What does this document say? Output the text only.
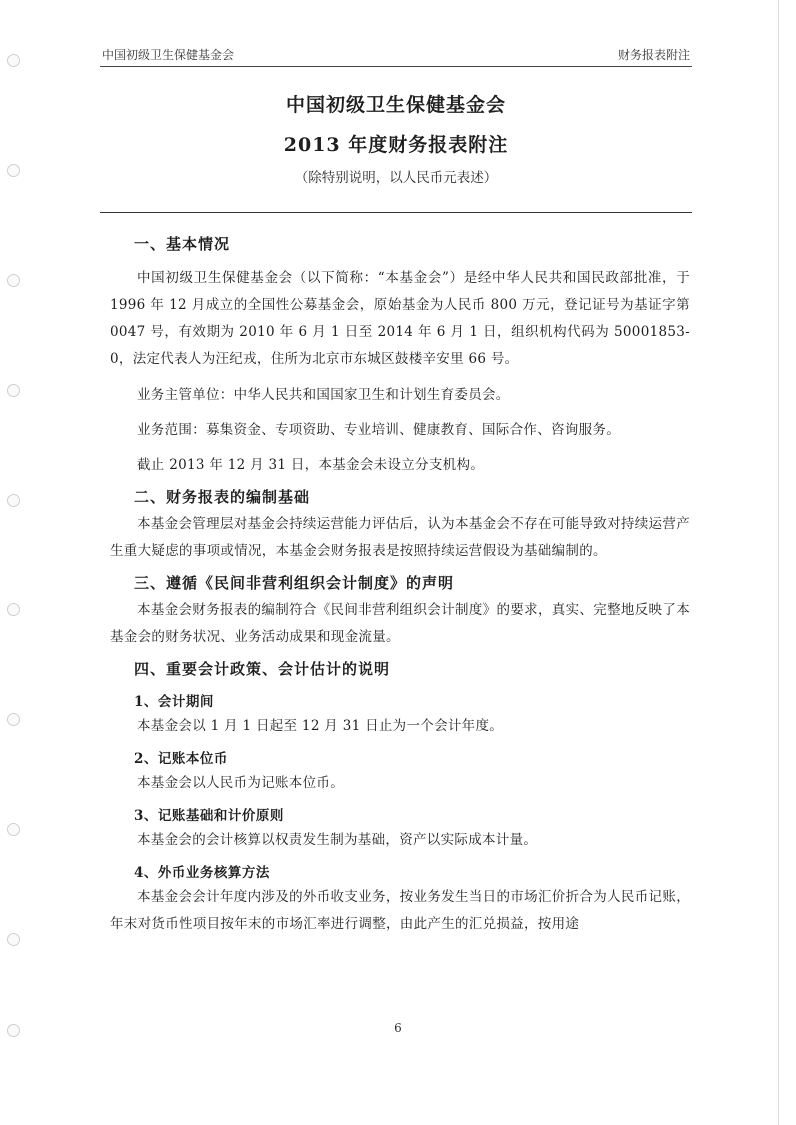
中国初级卫生保健基金会	财务报表附注

中国初级卫生保健基金会

2013 年度财务报表附注

（除特别说明，以人民币元表述）

一、基本情况

中国初级卫生保健基金会（以下简称：“本基金会”）是经中华人民共和国民政部批准，于 1996 年 12 月成立的全国性公募基金会，原始基金为人民币 800 万元，登记证号为基证字第 0047 号，有效期为 2010 年 6 月 1 日至 2014 年 6 月 1 日，组织机构代码为 50001853-0，法定代表人为汪纪戎，住所为北京市东城区鼓楼辛安里 66 号。

业务主管单位：中华人民共和国国家卫生和计划生育委员会。

业务范围：募集资金、专项资助、专业培训、健康教育、国际合作、咨询服务。

截止 2013 年 12 月 31 日，本基金会未设立分支机构。

二、财务报表的编制基础

本基金会管理层对基金会持续运营能力评估后，认为本基金会不存在可能导致对持续运营产生重大疑虑的事项或情况，本基金会财务报表是按照持续运营假设为基础编制的。

三、遵循《民间非营利组织会计制度》的声明

本基金会财务报表的编制符合《民间非营利组织会计制度》的要求，真实、完整地反映了本基金会的财务状况、业务活动成果和现金流量。

四、重要会计政策、会计估计的说明

1、会计期间

本基金会以 1 月 1 日起至 12 月 31 日止为一个会计年度。

2、记账本位币

本基金会以人民币为记账本位币。

3、记账基础和计价原则

本基金会的会计核算以权责发生制为基础，资产以实际成本计量。

4、外币业务核算方法

本基金会会计年度内涉及的外币收支业务，按业务发生当日的市场汇价折合为人民币记账，年末对货币性项目按年末的市场汇率进行调整，由此产生的汇兑损益，按用途

6
